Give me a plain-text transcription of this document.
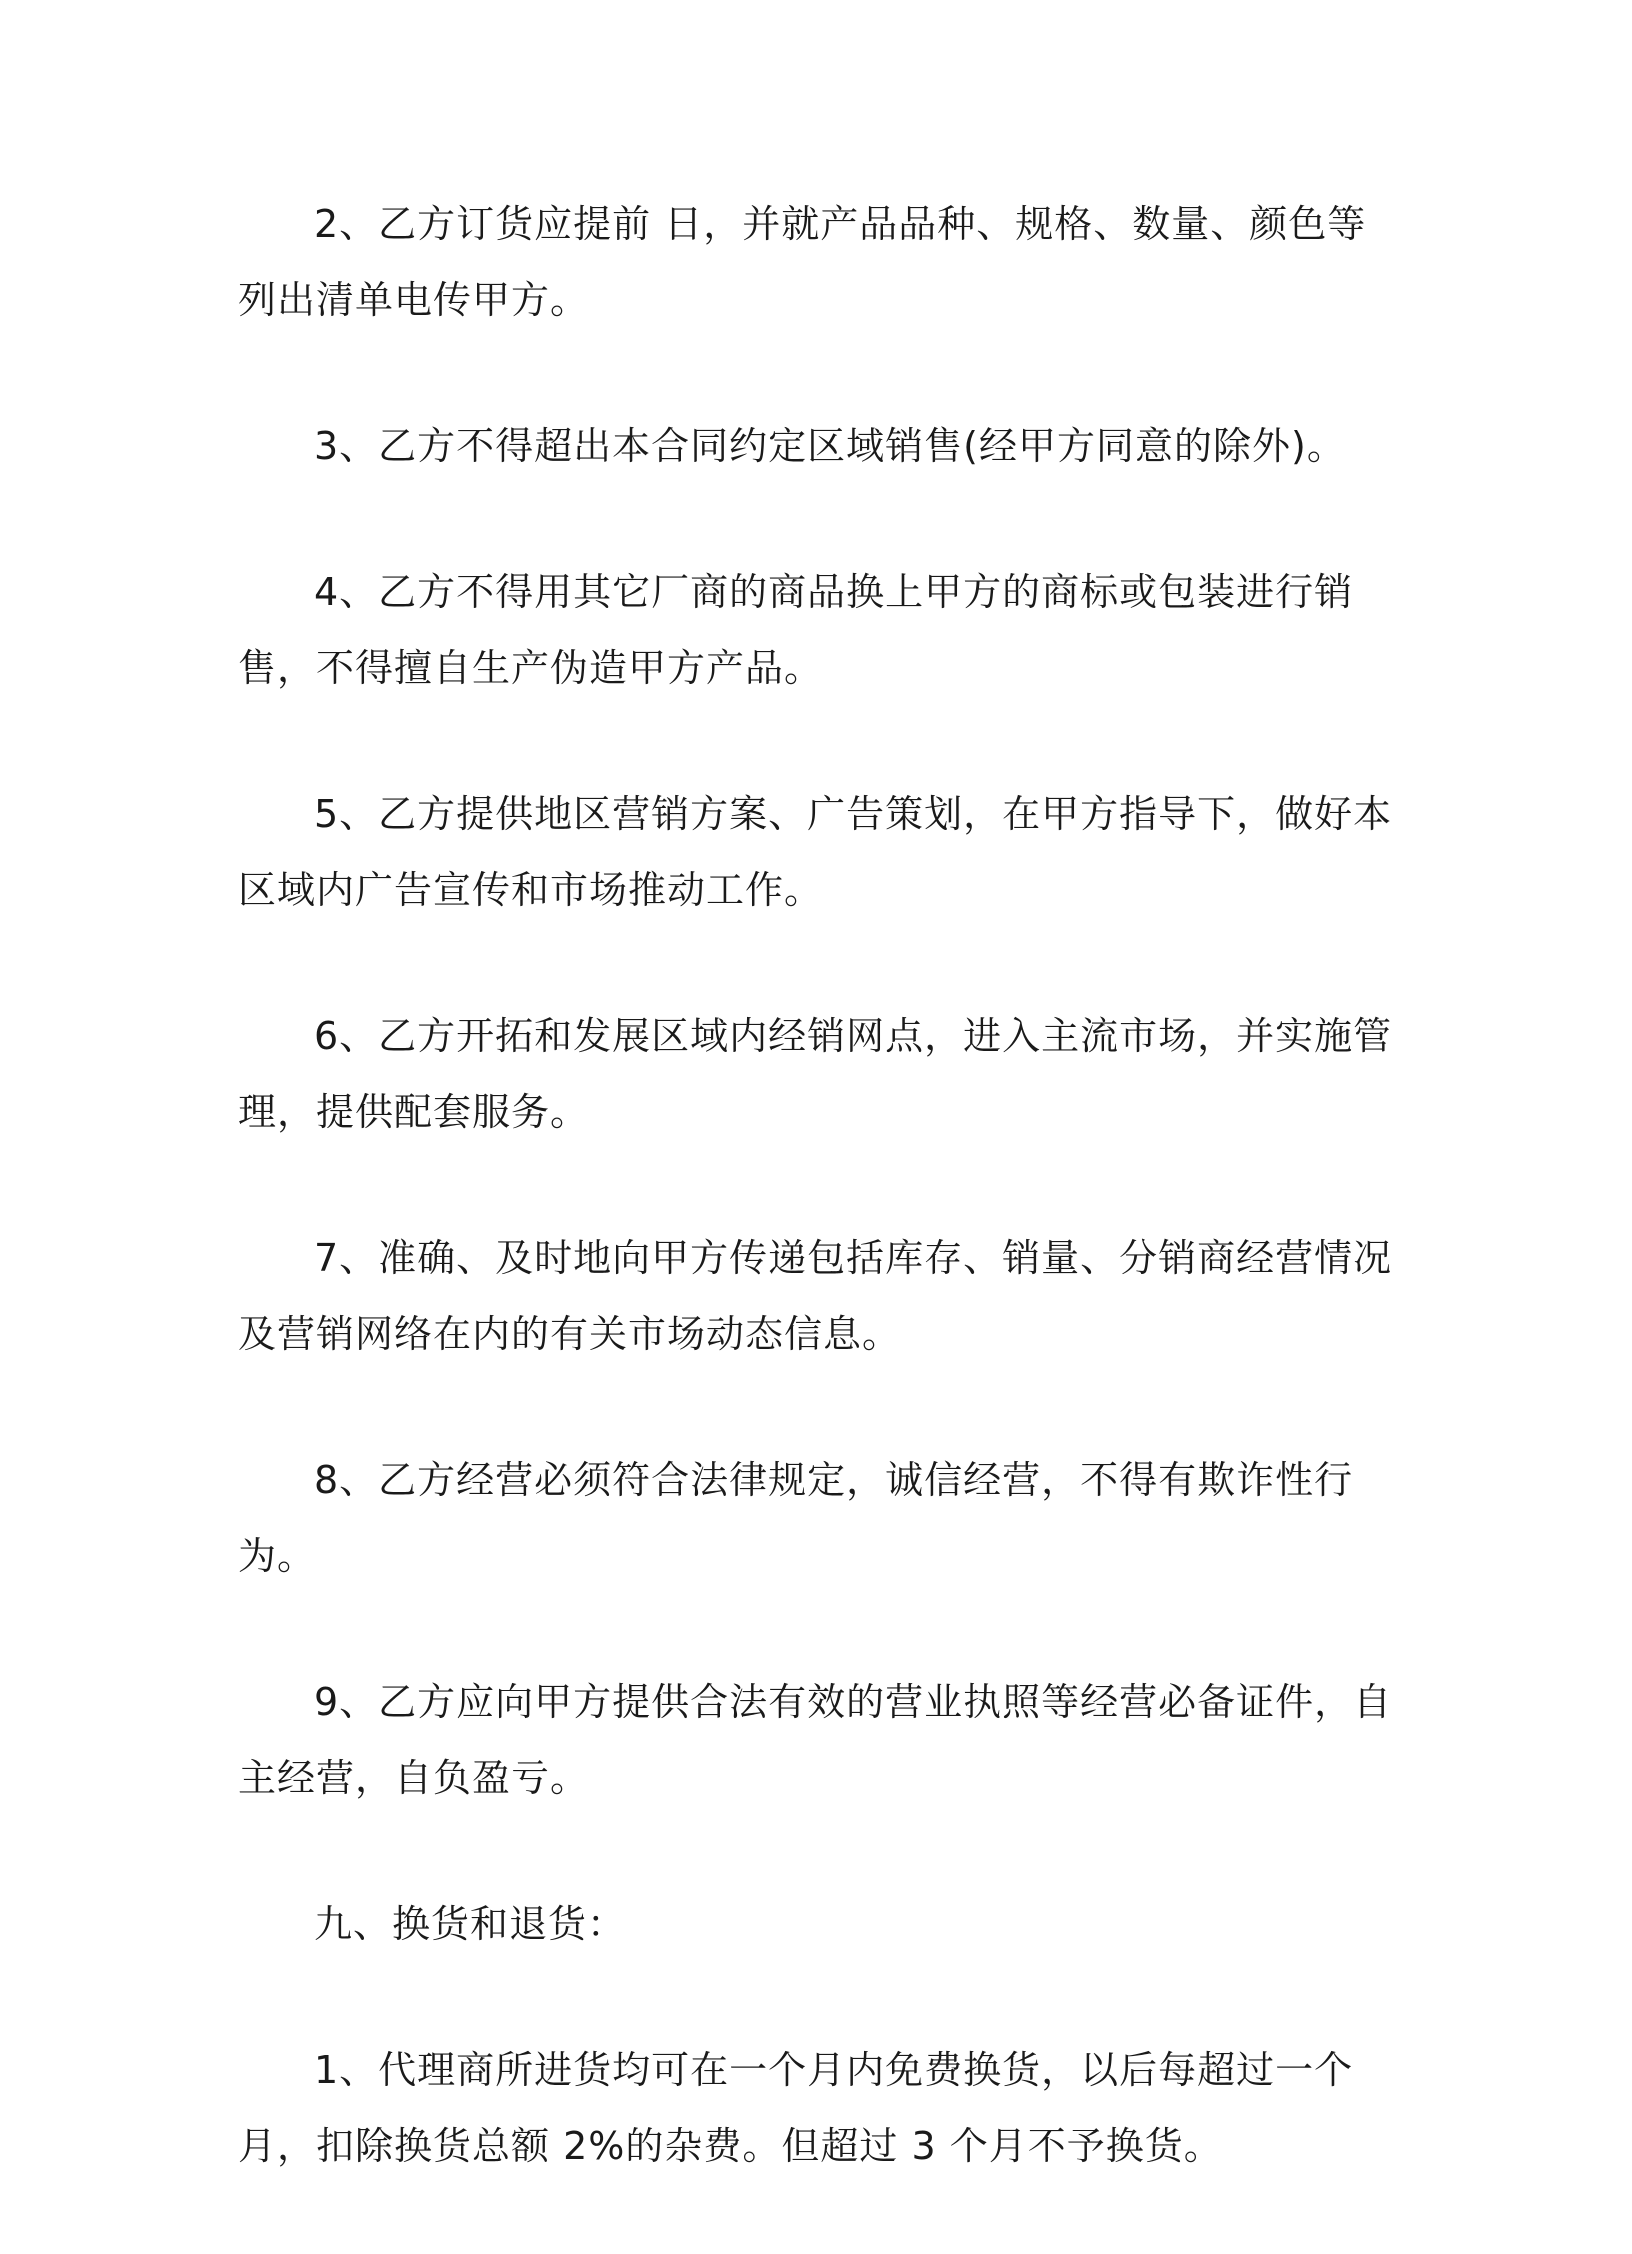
2、乙方订货应提前 日，并就产品品种、规格、数量、颜色等列出清单电传甲方。

3、乙方不得超出本合同约定区域销售(经甲方同意的除外)。

4、乙方不得用其它厂商的商品换上甲方的商标或包装进行销售，不得擅自生产伪造甲方产品。

5、乙方提供地区营销方案、广告策划，在甲方指导下，做好本区域内广告宣传和市场推动工作。

6、乙方开拓和发展区域内经销网点，进入主流市场，并实施管理，提供配套服务。

7、准确、及时地向甲方传递包括库存、销量、分销商经营情况及营销网络在内的有关市场动态信息。

8、乙方经营必须符合法律规定，诚信经营，不得有欺诈性行为。

9、乙方应向甲方提供合法有效的营业执照等经营必备证件，自主经营，自负盈亏。

九、换货和退货：

1、代理商所进货均可在一个月内免费换货，以后每超过一个月，扣除换货总额 2%的杂费。但超过 3 个月不予换货。
